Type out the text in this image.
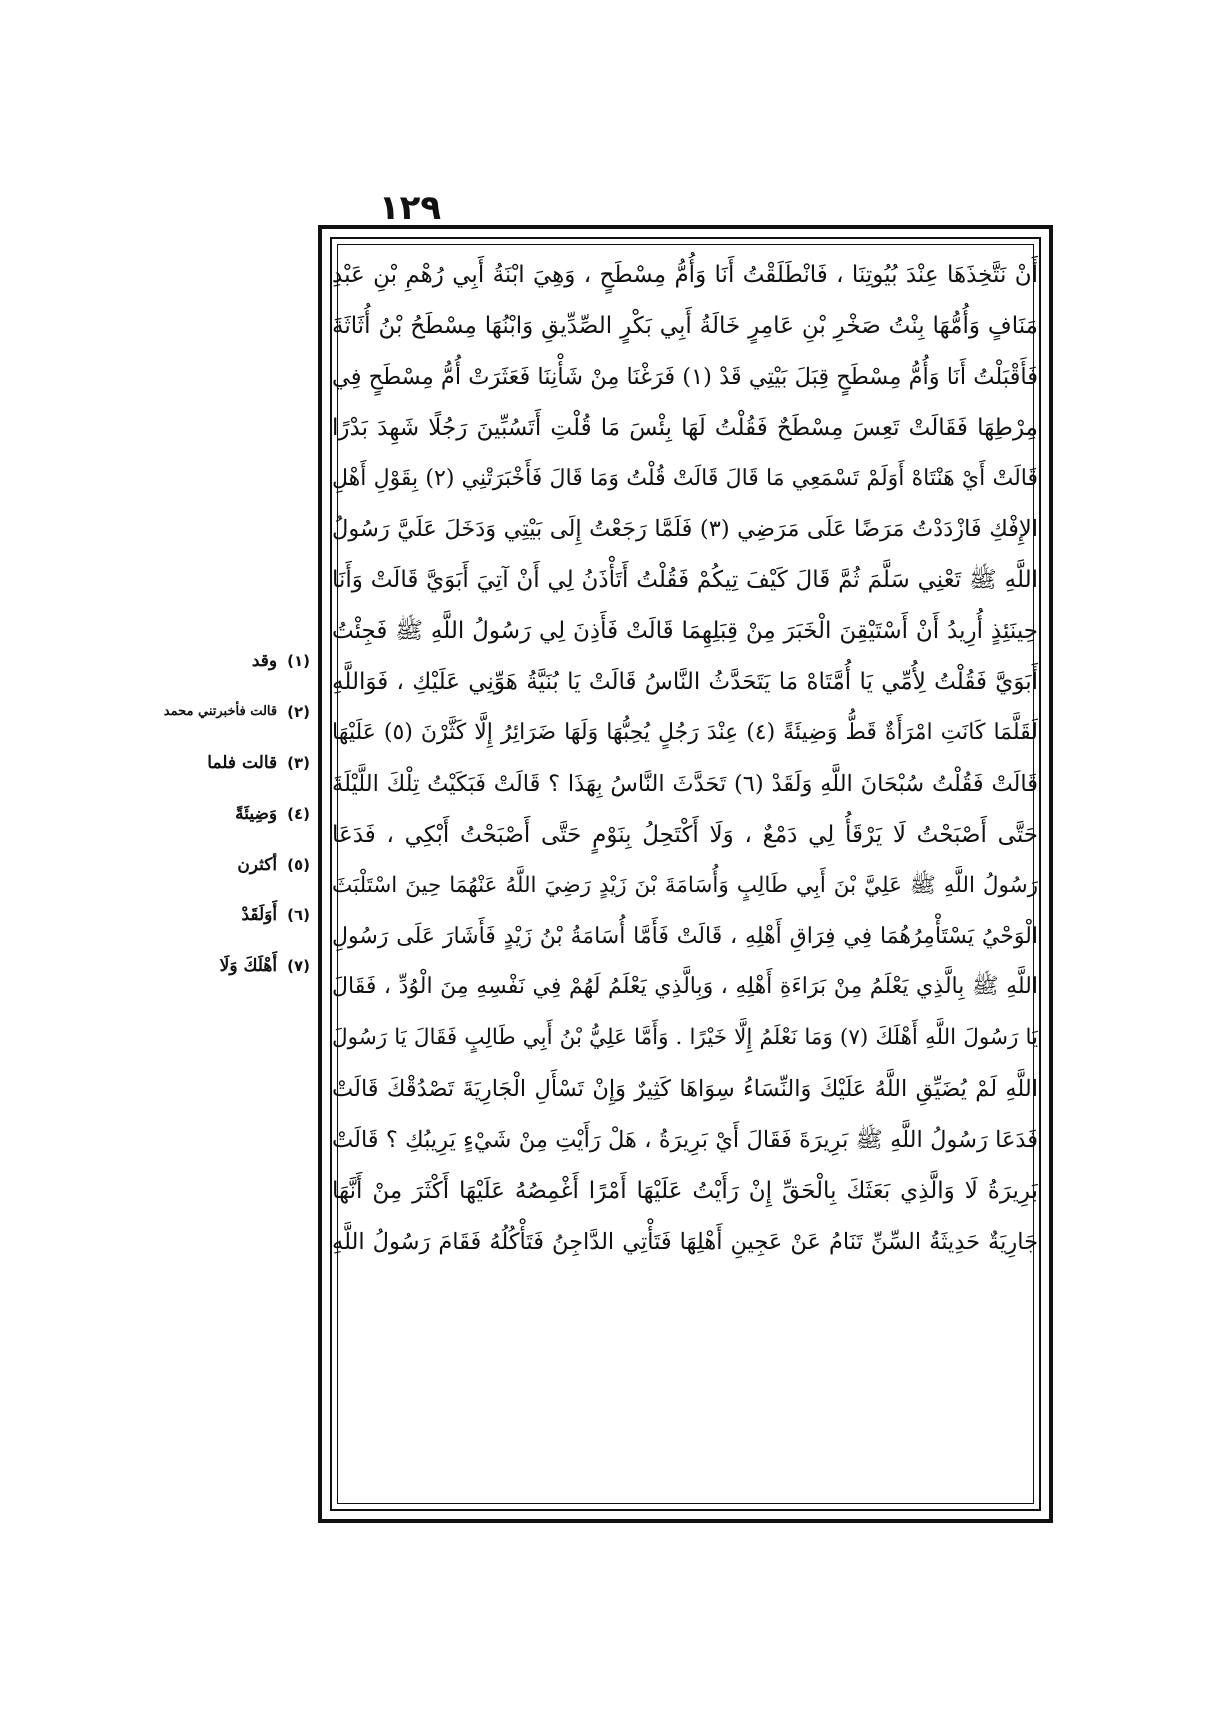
١٢٩
أَنْ نَتَّخِذَهَا عِنْدَ بُيُوتِنَا ، فَانْطَلَقْتُ أَنَا وَأُمُّ مِسْطَحٍ ، وَهِيَ ابْنَةُ أَبِي رُهْمِ بْنِ عَبْدِ
مَنَافٍ وَأُمُّهَا بِنْتُ صَخْرِ بْنِ عَامِرٍ خَالَةُ أَبِي بَكْرٍ الصِّدِّيقِ وَابْنُهَا مِسْطَحُ بْنُ أُثَاثَةَ
فَأَقْبَلْتُ أَنَا وَأُمُّ مِسْطَحٍ قِبَلَ بَيْتِي قَدْ (١) فَرَغْنَا مِنْ شَأْنِنَا فَعَثَرَتْ أُمُّ مِسْطَحٍ فِي
مِرْطِهَا فَقَالَتْ تَعِسَ مِسْطَحٌ فَقُلْتُ لَهَا بِئْسَ مَا قُلْتِ أَتَسُبِّينَ رَجُلًا شَهِدَ بَدْرًا
قَالَتْ أَيْ هَنْتَاهْ أَوَلَمْ تَسْمَعِي مَا قَالَ قَالَتْ قُلْتُ وَمَا قَالَ فَأَخْبَرَتْنِي (٢) بِقَوْلِ أَهْلِ
الإِفْكِ فَازْدَدْتُ مَرَضًا عَلَى مَرَضِي (٣) فَلَمَّا رَجَعْتُ إِلَى بَيْتِي وَدَخَلَ عَلَيَّ رَسُولُ
اللَّهِ ﷺ تَعْنِي سَلَّمَ ثُمَّ قَالَ كَيْفَ تِيكُمْ فَقُلْتُ أَتَأْذَنُ لِي أَنْ آتِيَ أَبَوَيَّ قَالَتْ وَأَنَا
حِينَئِذٍ أُرِيدُ أَنْ أَسْتَيْقِنَ الْخَبَرَ مِنْ قِبَلِهِمَا قَالَتْ فَأَذِنَ لِي رَسُولُ اللَّهِ ﷺ فَجِئْتُ
أَبَوَيَّ فَقُلْتُ لِأُمِّي يَا أُمَّتَاهْ مَا يَتَحَدَّثُ النَّاسُ قَالَتْ يَا بُنَيَّةُ هَوِّنِي عَلَيْكِ ، فَوَاللَّهِ
لَقَلَّمَا كَانَتِ امْرَأَةٌ قَطُّ وَضِيئَةً (٤) عِنْدَ رَجُلٍ يُحِبُّهَا وَلَهَا ضَرَائِرُ إِلَّا كَثَّرْنَ (٥) عَلَيْهَا
قَالَتْ فَقُلْتُ سُبْحَانَ اللَّهِ وَلَقَدْ (٦) تَحَدَّثَ النَّاسُ بِهَذَا ؟ قَالَتْ فَبَكَيْتُ تِلْكَ اللَّيْلَةَ
حَتَّى أَصْبَحْتُ لَا يَرْقَأُ لِي دَمْعٌ ، وَلَا أَكْتَحِلُ بِنَوْمٍ حَتَّى أَصْبَحْتُ أَبْكِي ، فَدَعَا
رَسُولُ اللَّهِ ﷺ عَلِيَّ بْنَ أَبِي طَالِبٍ وَأُسَامَةَ بْنَ زَيْدٍ رَضِيَ اللَّهُ عَنْهُمَا حِينَ اسْتَلْبَثَ
الْوَحْيُ يَسْتَأْمِرُهُمَا فِي فِرَاقِ أَهْلِهِ ، قَالَتْ فَأَمَّا أُسَامَةُ بْنُ زَيْدٍ فَأَشَارَ عَلَى رَسُولِ
اللَّهِ ﷺ بِالَّذِي يَعْلَمُ مِنْ بَرَاءَةِ أَهْلِهِ ، وَبِالَّذِي يَعْلَمُ لَهُمْ فِي نَفْسِهِ مِنَ الْوُدِّ ، فَقَالَ
يَا رَسُولَ اللَّهِ أَهْلَكَ (٧) وَمَا نَعْلَمُ إِلَّا خَيْرًا . وَأَمَّا عَلِيُّ بْنُ أَبِي طَالِبٍ فَقَالَ يَا رَسُولَ
اللَّهِ لَمْ يُضَيِّقِ اللَّهُ عَلَيْكَ وَالنِّسَاءُ سِوَاهَا كَثِيرٌ وَإِنْ تَسْأَلِ الْجَارِيَةَ تَصْدُقْكَ قَالَتْ
فَدَعَا رَسُولُ اللَّهِ ﷺ بَرِيرَةَ فَقَالَ أَيْ بَرِيرَةُ ، هَلْ رَأَيْتِ مِنْ شَيْءٍ يَرِيبُكِ ؟ قَالَتْ
بَرِيرَةُ لَا وَالَّذِي بَعَثَكَ بِالْحَقِّ إِنْ رَأَيْتُ عَلَيْهَا أَمْرًا أَغْمِصُهُ عَلَيْهَا أَكْثَرَ مِنْ أَنَّهَا
جَارِيَةٌ حَدِيثَةُ السِّنِّ تَنَامُ عَنْ عَجِينِ أَهْلِهَا فَتَأْتِي الدَّاجِنُ فَتَأْكُلُهُ فَقَامَ رَسُولُ اللَّهِ
(١)
وقد
(٢)
قالت فأخبرتني محمد
(٣)
قالت فلما
(٤)
وَضِيئَةً
(٥)
أكثرن
(٦)
أَوَلَقَدْ
(٧)
أَهْلَكَ وَلَا
